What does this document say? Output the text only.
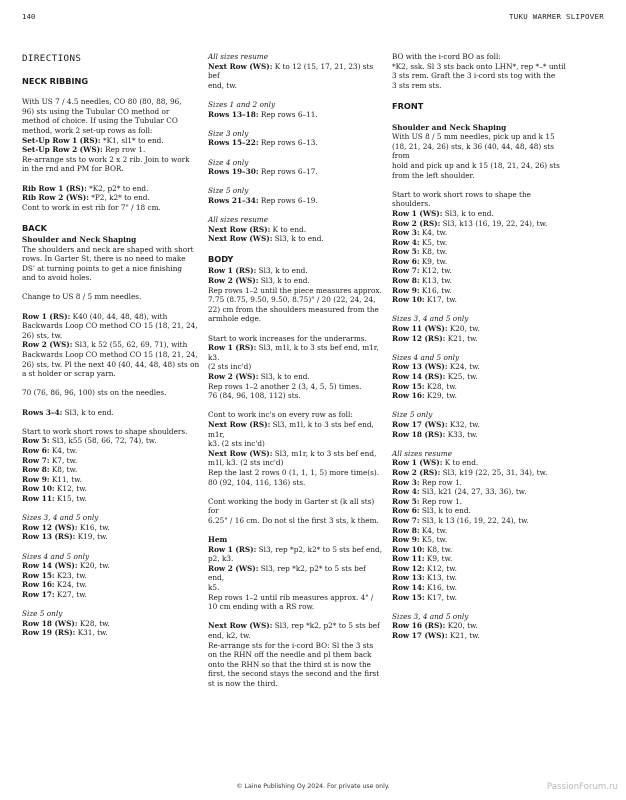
140	TUKU WARMER SLIPOVER

DIRECTIONS

NECK RIBBING

With US 7 / 4.5 needles, CO 80 (80, 88, 96,

96) sts using the Tubular CO method or

method of choice. If using the Tubular CO

method, work 2 set-up rows as foll:

Set-Up Row 1 (RS): *K1, sl1* to end.

Set-Up Row 2 (WS): Rep row 1.

Re-arrange sts to work 2 x 2 rib. Join to work

in the rnd and PM for BOR.

Rib Row 1 (RS): *K2, p2* to end.

Rib Row 2 (WS): *P2, k2* to end.

Cont to work in est rib for 7" / 18 cm.

BACK

Shoulder and Neck Shaping

The shoulders and neck are shaped with short

rows. In Garter St, there is no need to make

DS' at turning points to get a nice finishing

and to avoid holes.

Change to US 8 / 5 mm needles.

Row 1 (RS): K40 (40, 44, 48, 48), with

Backwards Loop CO method CO 15 (18, 21, 24,

26) sts, tw.

Row 2 (WS): Sl3, k 52 (55, 62, 69, 71), with

Backwards Loop CO method CO 15 (18, 21, 24,

26) sts, tw. Pl the next 40 (40, 44, 48, 48) sts on

a st holder or scrap yarn.

70 (76, 86, 96, 100) sts on the needles.

Rows 3–4: Sl3, k to end.

Start to work short rows to shape shoulders.

Row 5: Sl3, k55 (58, 66, 72, 74), tw.

Row 6: K4, tw.

Row 7: K7, tw.

Row 8: K8, tw.

Row 9: K11, tw.

Row 10: K12, tw.

Row 11: K15, tw.

Sizes 3, 4 and 5 only

Row 12 (WS): K16, tw.

Row 13 (RS): K19, tw.

Sizes 4 and 5 only

Row 14 (WS): K20, tw.

Row 15: K23, tw.

Row 16: K24, tw.

Row 17: K27, tw.

Size 5 only

Row 18 (WS): K28, tw.

Row 19 (RS): K31, tw.

All sizes resume

Next Row (WS): K to 12 (15, 17, 21, 23) sts bef

end, tw.

Sizes 1 and 2 only

Rows 13–18: Rep rows 6–11.

Size 3 only

Rows 15–22: Rep rows 6–13.

Size 4 only

Rows 19–30: Rep rows 6–17.

Size 5 only

Rows 21–34: Rep rows 6–19.

All sizes resume

Next Row (RS): K to end.

Next Row (WS): Sl3, k to end.

BODY

Row 1 (RS): Sl3, k to end.

Row 2 (WS): Sl3, k to end.

Rep rows 1–2 until the piece measures approx.

7.75 (8.75, 9.50, 9.50, 8.75)" / 20 (22, 24, 24,

22) cm from the shoulders measured from the

armhole edge.

Start to work increases for the underarms.

Row 1 (RS): Sl3, m1l, k to 3 sts bef end, m1r, k3.

(2 sts inc'd)

Row 2 (WS): Sl3, k to end.

Rep rows 1–2 another 2 (3, 4, 5, 5) times.

76 (84, 96, 108, 112) sts.

Cont to work inc's on every row as foll:

Next Row (RS): Sl3, m1l, k to 3 sts bef end, m1r,

k3. (2 sts inc'd)

Next Row (WS): Sl3, m1r, k to 3 sts bef end,

m1l, k3. (2 sts inc'd)

Rep the last 2 rows 0 (1, 1, 1, 5) more time(s).

80 (92, 104, 116, 136) sts.

Cont working the body in Garter st (k all sts) for

6.25" / 16 cm. Do not sl the first 3 sts, k them.

Hem

Row 1 (RS): Sl3, rep *p2, k2* to 5 sts bef end,

p2, k3.

Row 2 (WS): Sl3, rep *k2, p2* to 5 sts bef end,

k5.

Rep rows 1–2 until rib measures approx. 4" /

10 cm ending with a RS row.

Next Row (WS): Sl3, rep *k2, p2* to 5 sts bef

end, k2, tw.

Re-arrange sts for the i-cord BO: Sl the 3 sts

on the RHN off the needle and pl them back

onto the RHN so that the third st is now the

first, the second stays the second and the first

st is now the third.

BO with the i-cord BO as foll:

*K2, ssk. Sl 3 sts back onto LHN*, rep *–* until

3 sts rem. Graft the 3 i-cord sts tog with the

3 sts rem sts.

FRONT

Shoulder and Neck Shaping

With US 8 / 5 mm needles, pick up and k 15

(18, 21, 24, 26) sts, k 36 (40, 44, 48, 48) sts from

hold and pick up and k 15 (18, 21, 24, 26) sts

from the left shoulder.

Start to work short rows to shape the

shoulders.

Row 1 (WS): Sl3, k to end.

Row 2 (RS): Sl3, k13 (16, 19, 22, 24), tw.

Row 3: K4, tw.

Row 4: K5, tw.

Row 5: K8, tw.

Row 6: K9, tw.

Row 7: K12, tw.

Row 8: K13, tw.

Row 9: K16, tw.

Row 10: K17, tw.

Sizes 3, 4 and 5 only

Row 11 (WS): K20, tw.

Row 12 (RS): K21, tw.

Sizes 4 and 5 only

Row 13 (WS): K24, tw.

Row 14 (RS): K25, tw.

Row 15: K28, tw.

Row 16: K29, tw.

Size 5 only

Row 17 (WS): K32, tw.

Row 18 (RS): K33, tw.

All sizes resume

Row 1 (WS): K to end.

Row 2 (RS): Sl3, k19 (22, 25, 31, 34), tw.

Row 3: Rep row 1.

Row 4: Sl3, k21 (24, 27, 33, 36), tw.

Row 5: Rep row 1.

Row 6: Sl3, k to end.

Row 7: Sl3, k 13 (16, 19, 22, 24), tw.

Row 8: K4, tw.

Row 9: K5, tw.

Row 10: K8, tw.

Row 11: K9, tw.

Row 12: K12, tw.

Row 13: K13, tw.

Row 14: K16, tw.

Row 15: K17, tw.

Sizes 3, 4 and 5 only

Row 16 (RS): K20, tw.

Row 17 (WS): K21, tw.

© Laine Publishing Oy 2024. For private use only.	PassionForum.ru
